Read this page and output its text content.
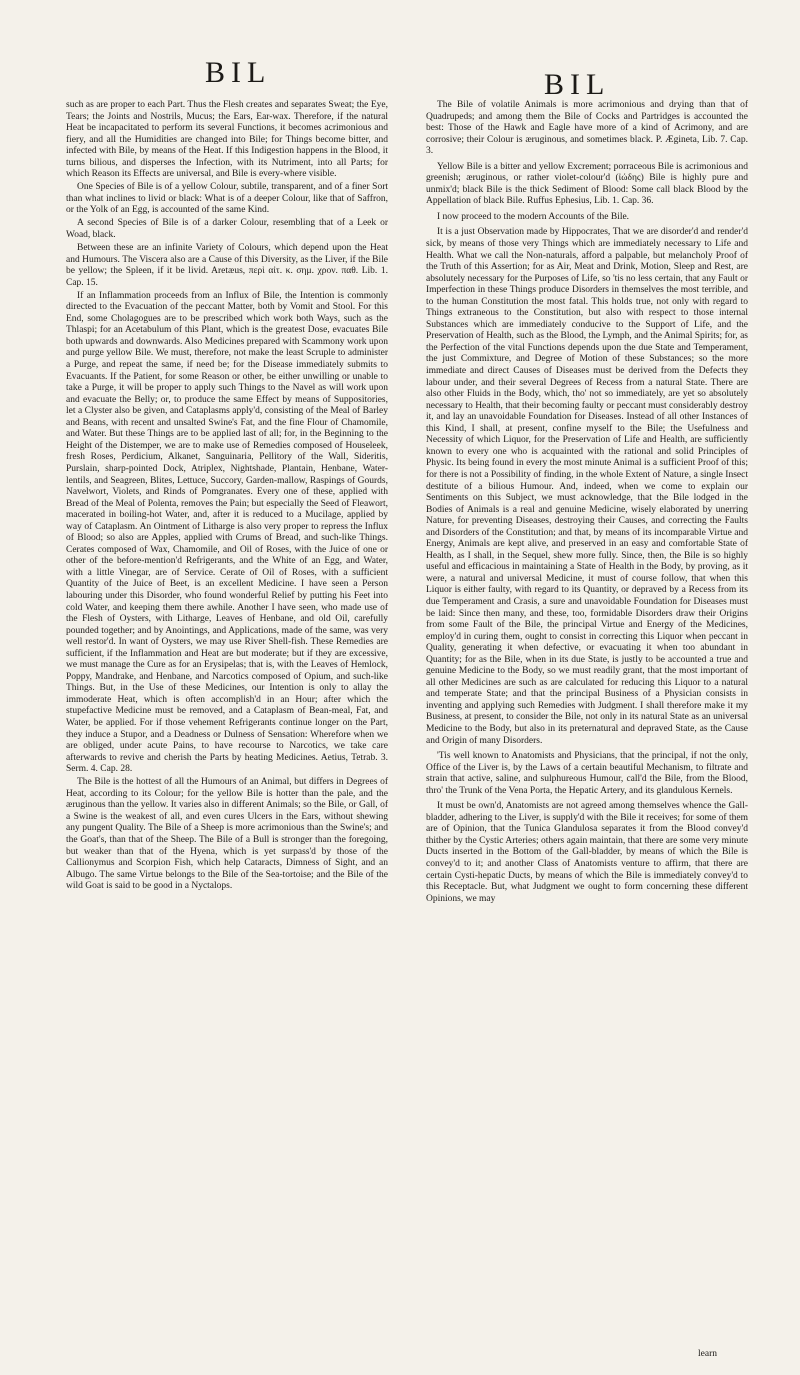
BIL	BIL

such as are proper to each Part. Thus the Flesh creates and separates Sweat; the Eye, Tears; the Joints and Nostrils, Mucus; the Ears, Ear-wax. Therefore, if the natural Heat be incapacitated to perform its several Functions, it becomes acrimonious and fiery, and all the Humidities are changed into Bile; for Things become bitter, and infected with Bile, by means of the Heat. If this Indigestion happens in the Blood, it turns bilious, and disperses the Infection, with its Nutriment, into all Parts; for which Reason its Effects are universal, and Bile is every-where visible.

One Species of Bile is of a yellow Colour, subtile, transparent, and of a finer Sort than what inclines to livid or black: What is of a deeper Colour, like that of Saffron, or the Yolk of an Egg, is accounted of the same Kind.

A second Species of Bile is of a darker Colour, resembling that of a Leek or Woad, black.

Between these are an infinite Variety of Colours, which depend upon the Heat and Humours. The Viscera also are a Cause of this Diversity, as the Liver, if the Bile be yellow; the Spleen, if it be livid. Aretæus, περὶ αἰτ. κ. σημ. χρον. παθ. Lib. 1. Cap. 15.

If an Inflammation proceeds from an Influx of Bile, the Intention is commonly directed to the Evacuation of the peccant Matter, both by Vomit and Stool. For this End, some Cholagogues are to be prescribed which work both Ways, such as the Thlaspi; for an Acetabulum of this Plant, which is the greatest Dose, evacuates Bile both upwards and downwards. Also Medicines prepared with Scammony work upon and purge yellow Bile. We must, therefore, not make the least Scruple to administer a Purge, and repeat the same, if need be; for the Disease immediately submits to Evacuants. If the Patient, for some Reason or other, be either unwilling or unable to take a Purge, it will be proper to apply such Things to the Navel as will work upon and evacuate the Belly; or, to produce the same Effect by means of Suppositories, let a Clyster also be given, and Cataplasms apply'd, consisting of the Meal of Barley and Beans, with recent and unsalted Swine's Fat, and the fine Flour of Chamomile, and Water. But these Things are to be applied last of all; for, in the Beginning to the Height of the Distemper, we are to make use of Remedies composed of Houseleek, fresh Roses, Perdicium, Alkanet, Sanguinaria, Pellitory of the Wall, Sideritis, Purslain, sharp-pointed Dock, Atriplex, Nightshade, Plantain, Henbane, Water-lentils, and Seagreen, Blites, Lettuce, Succory, Garden-mallow, Raspings of Gourds, Navelwort, Violets, and Rinds of Pomgranates. Every one of these, applied with Bread of the Meal of Polenta, removes the Pain; but especially the Seed of Fleawort, macerated in boiling-hot Water, and, after it is reduced to a Mucilage, applied by way of Cataplasm. An Ointment of Litharge is also very proper to repress the Influx of Blood; so also are Apples, applied with Crums of Bread, and such-like Things. Cerates composed of Wax, Chamomile, and Oil of Roses, with the Juice of one or other of the before-mention'd Refrigerants, and the White of an Egg, and Water, with a little Vinegar, are of Service. Cerate of Oil of Roses, with a sufficient Quantity of the Juice of Beet, is an excellent Medicine. I have seen a Person labouring under this Disorder, who found wonderful Relief by putting his Feet into cold Water, and keeping them there awhile. Another I have seen, who made use of the Flesh of Oysters, with Litharge, Leaves of Henbane, and old Oil, carefully pounded together; and by Anointings, and Applications, made of the same, was very well restor'd. In want of Oysters, we may use River Shell-fish. These Remedies are sufficient, if the Inflammation and Heat are but moderate; but if they are excessive, we must manage the Cure as for an Erysipelas; that is, with the Leaves of Hemlock, Poppy, Mandrake, and Henbane, and Narcotics composed of Opium, and such-like Things. But, in the Use of these Medicines, our Intention is only to allay the immoderate Heat, which is often accomplish'd in an Hour; after which the stupefactive Medicine must be removed, and a Cataplasm of Bean-meal, Fat, and Water, be applied. For if those vehement Refrigerants continue longer on the Part, they induce a Stupor, and a Deadness or Dulness of Sensation: Wherefore when we are obliged, under acute Pains, to have recourse to Narcotics, we take care afterwards to revive and cherish the Parts by heating Medicines. Aetius, Tetrab. 3. Serm. 4. Cap. 28.

The Bile is the hottest of all the Humours of an Animal, but differs in Degrees of Heat, according to its Colour; for the yellow Bile is hotter than the pale, and the æruginous than the yellow. It varies also in different Animals; so the Bile, or Gall, of a Swine is the weakest of all, and even cures Ulcers in the Ears, without shewing any pungent Quality. The Bile of a Sheep is more acrimonious than the Swine's; and the Goat's, than that of the Sheep. The Bile of a Bull is stronger than the foregoing, but weaker than that of the Hyena, which is yet surpass'd by those of the Callionymus and Scorpion Fish, which help Cataracts, Dimness of Sight, and an Albugo. The same Virtue belongs to the Bile of the Sea-tortoise; and the Bile of the wild Goat is said to be good in a Nyctalops.

The Bile of volatile Animals is more acrimonious and drying than that of Quadrupeds; and among them the Bile of Cocks and Partridges is accounted the best: Those of the Hawk and Eagle have more of a kind of Acrimony, and are corrosive; their Colour is æruginous, and sometimes black. P. Ægineta, Lib. 7. Cap. 3.

Yellow Bile is a bitter and yellow Excrement; porraceous Bile is acrimonious and greenish; æruginous, or rather violet-colour'd (ἰώδης) Bile is highly pure and unmix'd; black Bile is the thick Sediment of Blood: Some call black Blood by the Appellation of black Bile. Ruffus Ephesius, Lib. 1. Cap. 36.

I now proceed to the modern Accounts of the Bile.

It is a just Observation made by Hippocrates, That we are disorder'd and render'd sick, by means of those very Things which are immediately necessary to Life and Health. What we call the Non-naturals, afford a palpable, but melancholy Proof of the Truth of this Assertion; for as Air, Meat and Drink, Motion, Sleep and Rest, are absolutely necessary for the Purposes of Life, so 'tis no less certain, that any Fault or Imperfection in these Things produce Disorders in themselves the most terrible, and to the human Constitution the most fatal. This holds true, not only with regard to Things extraneous to the Constitution, but also with respect to those internal Substances which are immediately conducive to the Support of Life, and the Preservation of Health, such as the Blood, the Lymph, and the Animal Spirits; for, as the Perfection of the vital Functions depends upon the due State and Temperament, the just Commixture, and Degree of Motion of these Substances; so the more immediate and direct Causes of Diseases must be derived from the Defects they labour under, and their several Degrees of Recess from a natural State. There are also other Fluids in the Body, which, tho' not so immediately, are yet so absolutely necessary to Health, that their becoming faulty or peccant must considerably destroy it, and lay an unavoidable Foundation for Diseases. Instead of all other Instances of this Kind, I shall, at present, confine myself to the Bile; the Usefulness and Necessity of which Liquor, for the Preservation of Life and Health, are sufficiently known to every one who is acquainted with the rational and solid Principles of Physic. Its being found in every the most minute Animal is a sufficient Proof of this; for there is not a Possibility of finding, in the whole Extent of Nature, a single Insect destitute of a bilious Humour. And, indeed, when we come to explain our Sentiments on this Subject, we must acknowledge, that the Bile lodged in the Bodies of Animals is a real and genuine Medicine, wisely elaborated by unerring Nature, for preventing Diseases, destroying their Causes, and correcting the Faults and Disorders of the Constitution; and that, by means of its incomparable Virtue and Energy, Animals are kept alive, and preserved in an easy and comfortable State of Health, as I shall, in the Sequel, shew more fully. Since, then, the Bile is so highly useful and efficacious in maintaining a State of Health in the Body, by proving, as it were, a natural and universal Medicine, it must of course follow, that when this Liquor is either faulty, with regard to its Quantity, or depraved by a Recess from its due Temperament and Crasis, a sure and unavoidable Foundation for Diseases must be laid: Since then many, and these, too, formidable Disorders draw their Origins from some Fault of the Bile, the principal Virtue and Energy of the Medicines, employ'd in curing them, ought to consist in correcting this Liquor when peccant in Quality, generating it when defective, or evacuating it when too abundant in Quantity; for as the Bile, when in its due State, is justly to be accounted a true and genuine Medicine to the Body, so we must readily grant, that the most important of all other Medicines are such as are calculated for reducing this Liquor to a natural and temperate State; and that the principal Business of a Physician consists in inventing and applying such Remedies with Judgment. I shall therefore make it my Business, at present, to consider the Bile, not only in its natural State as an universal Medicine to the Body, but also in its preternatural and depraved State, as the Cause and Origin of many Disorders.

'Tis well known to Anatomists and Physicians, that the principal, if not the only, Office of the Liver is, by the Laws of a certain beautiful Mechanism, to filtrate and strain that active, saline, and sulphureous Humour, call'd the Bile, from the Blood, thro' the Trunk of the Vena Porta, the Hepatic Artery, and its glandulous Kernels.

It must be own'd, Anatomists are not agreed among themselves whence the Gall-bladder, adhering to the Liver, is supply'd with the Bile it receives; for some of them are of Opinion, that the Tunica Glandulosa separates it from the Blood convey'd thither by the Cystic Arteries; others again maintain, that there are some very minute Ducts inserted in the Bottom of the Gall-bladder, by means of which the Bile is convey'd to it; and another Class of Anatomists venture to affirm, that there are certain Cysti-hepatic Ducts, by means of which the Bile is immediately convey'd to this Receptacle. But, what Judgment we ought to form concerning these different Opinions, we may

learn
